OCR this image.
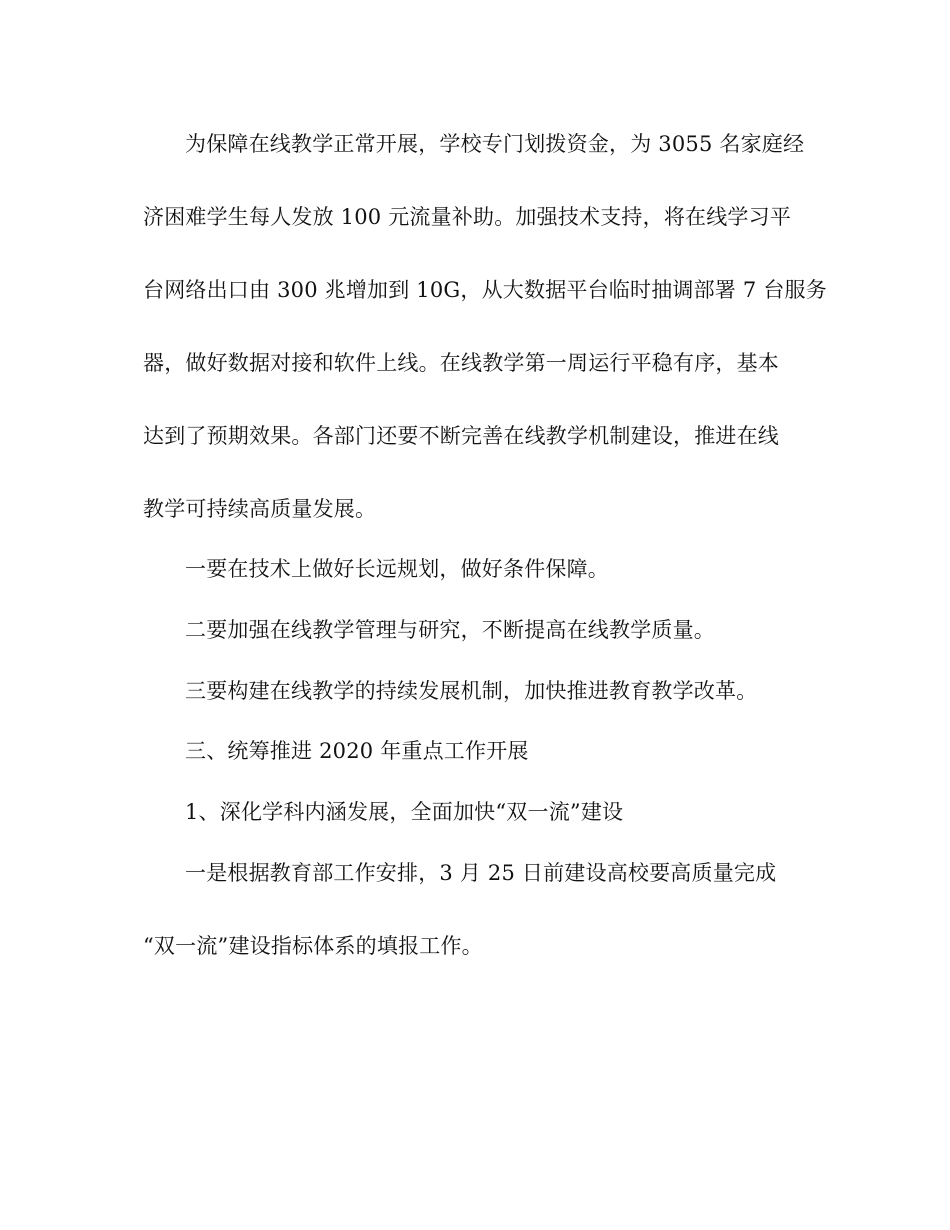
为保障在线教学正常开展，学校专门划拨资金，为 3055 名家庭经

济困难学生每人发放 100 元流量补助。加强技术支持，将在线学习平

台网络出口由 300 兆增加到 10G，从大数据平台临时抽调部署 7 台服务

器，做好数据对接和软件上线。在线教学第一周运行平稳有序，基本

达到了预期效果。各部门还要不断完善在线教学机制建设，推进在线

教学可持续高质量发展。

一要在技术上做好长远规划，做好条件保障。

二要加强在线教学管理与研究，不断提高在线教学质量。

三要构建在线教学的持续发展机制，加快推进教育教学改革。

三、统筹推进 2020 年重点工作开展

1、深化学科内涵发展，全面加快“双一流”建设

一是根据教育部工作安排，3 月 25 日前建设高校要高质量完成

“双一流”建设指标体系的填报工作。
